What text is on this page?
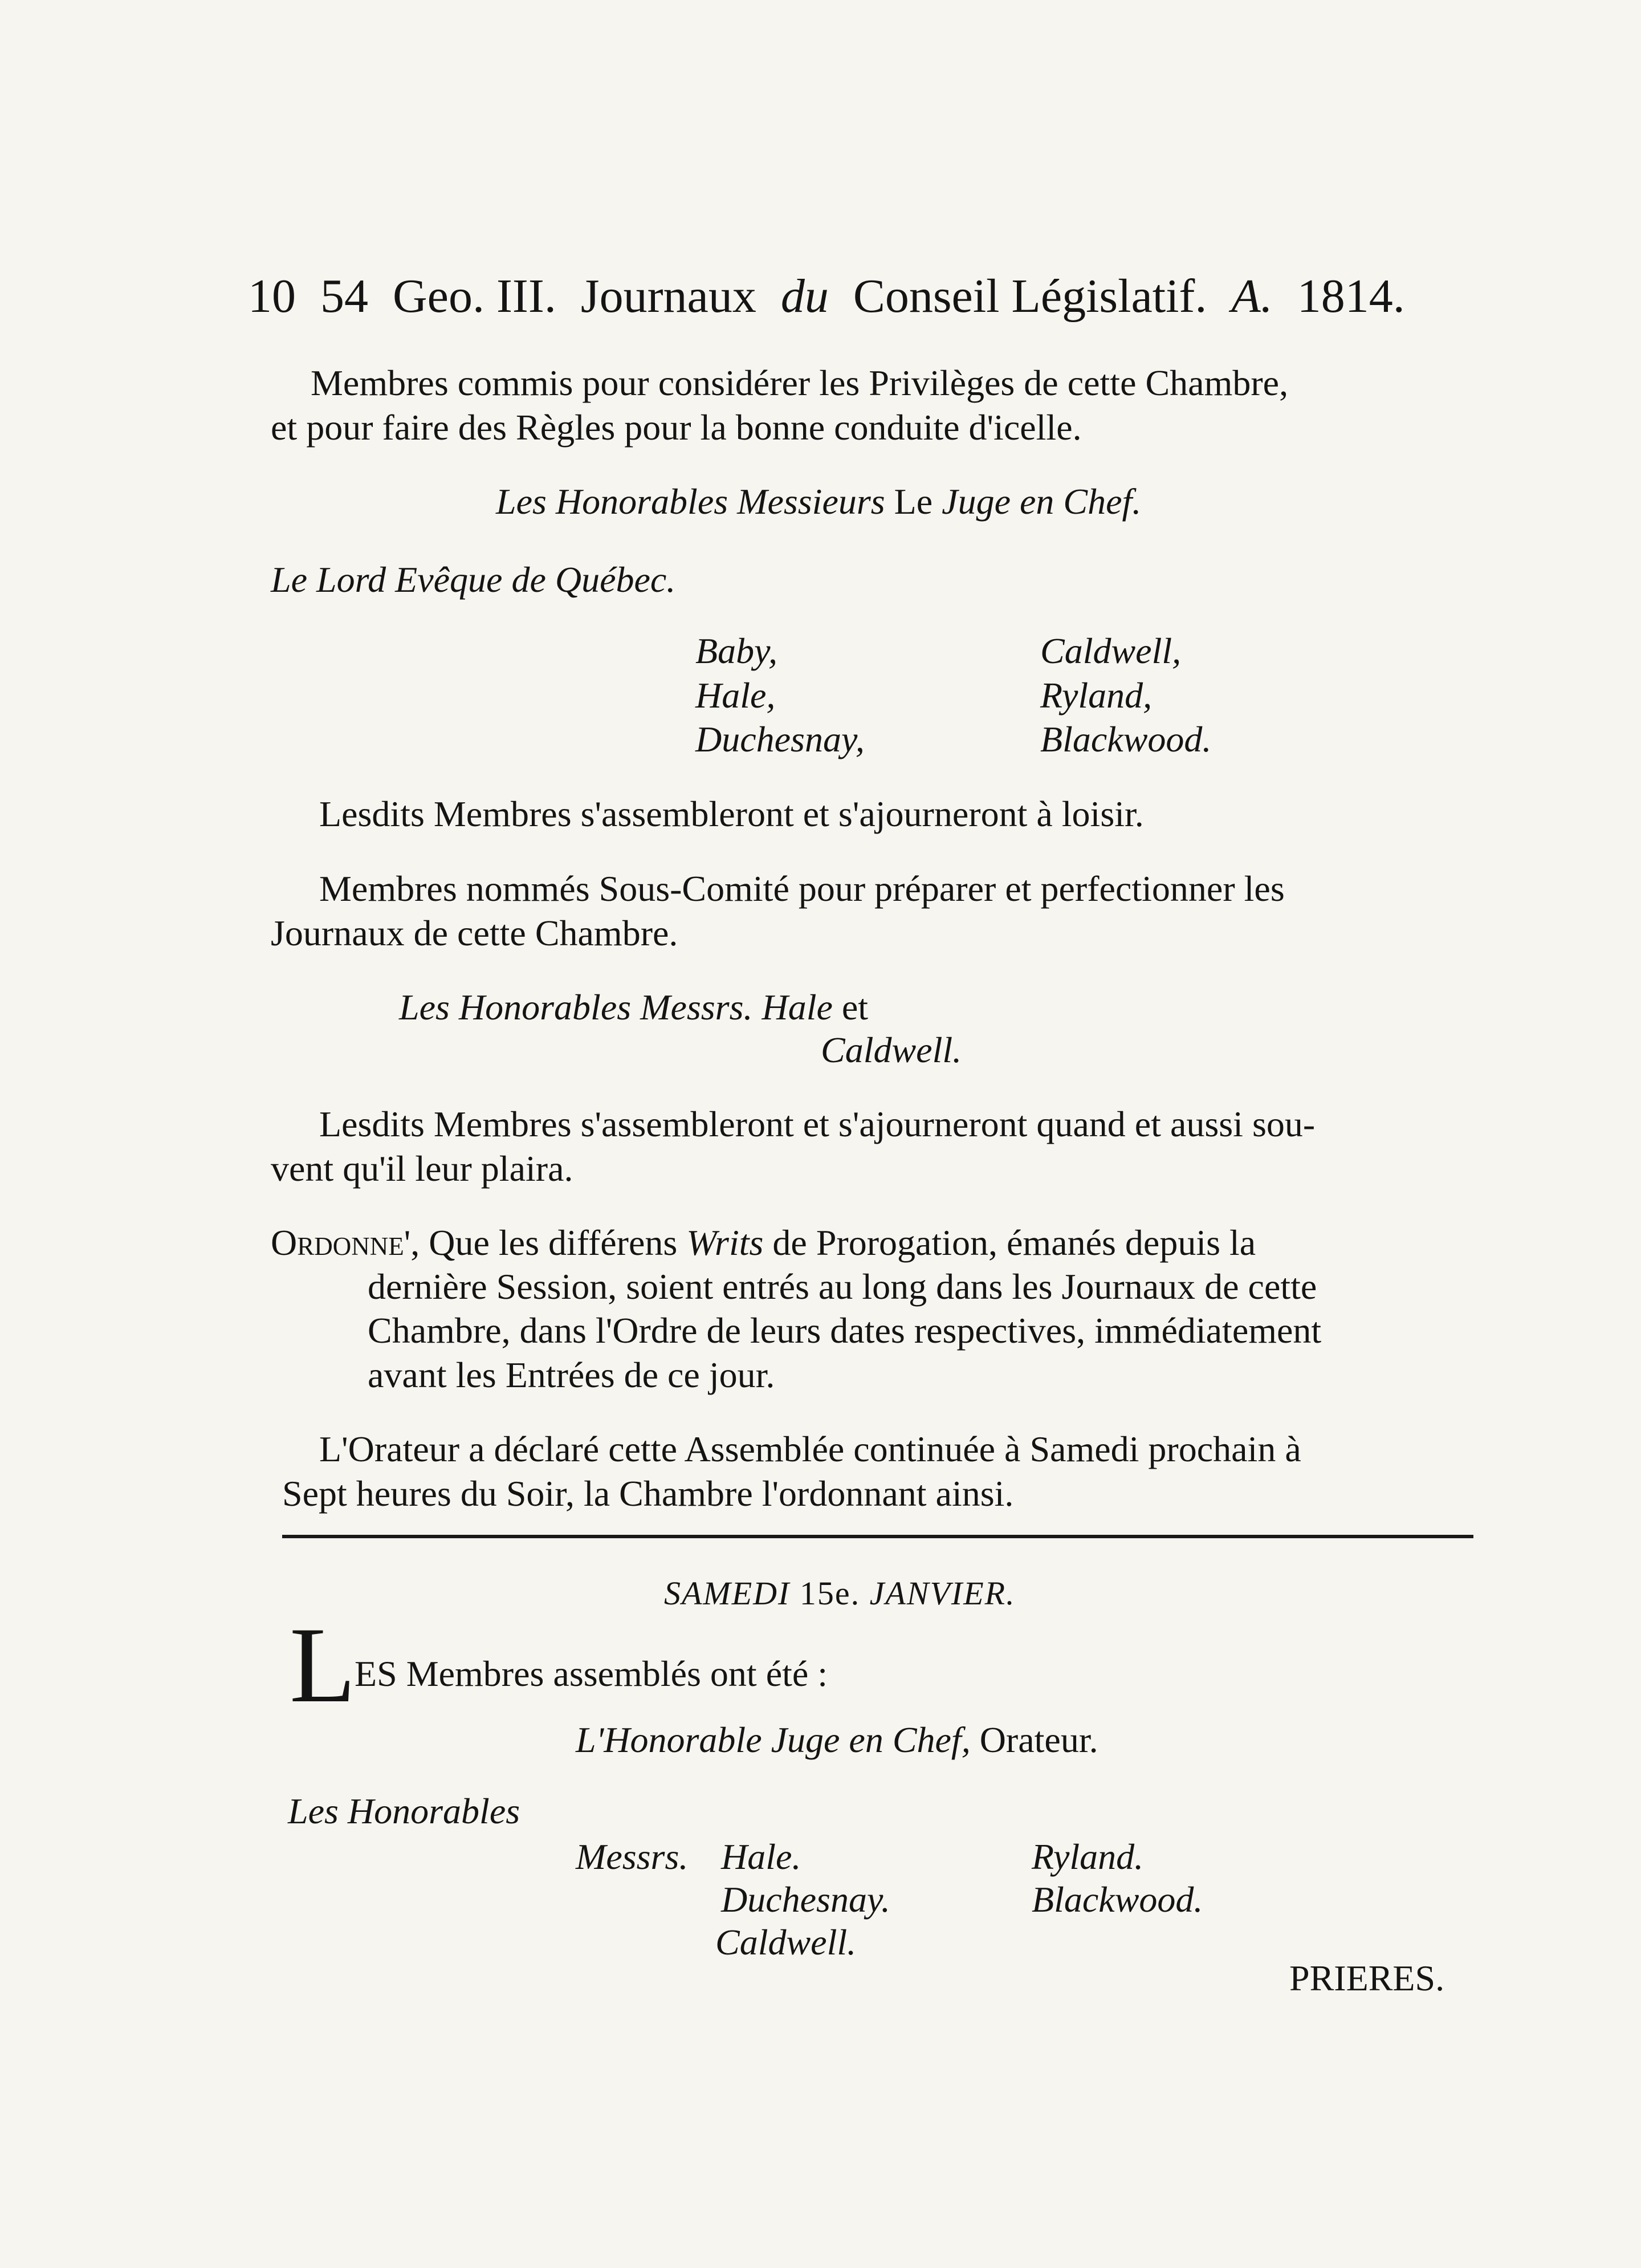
10 54 Geo. III. Journaux du Conseil Législatif. A. 1814.
Membres commis pour considérer les Privilèges de cette Chambre,
et pour faire des Règles pour la bonne conduite d'icelle.
Les Honorables Messieurs Le Juge en Chef.
Le Lord Evêque de Québec.
Baby,
Hale,
Duchesnay,
Caldwell,
Ryland,
Blackwood.
Lesdits Membres s'assembleront et s'ajourneront à loisir.
Membres nommés Sous-Comité pour préparer et perfectionner les
Journaux de cette Chambre.
Les Honorables Messrs. Hale et
Caldwell.
Lesdits Membres s'assembleront et s'ajourneront quand et aussi sou-
vent qu'il leur plaira.
Ordonne', Que les différens Writs de Prorogation, émanés depuis la
dernière Session, soient entrés au long dans les Journaux de cette
Chambre, dans l'Ordre de leurs dates respectives, immédiatement
avant les Entrées de ce jour.
L'Orateur a déclaré cette Assemblée continuée à Samedi prochain à
Sept heures du Soir, la Chambre l'ordonnant ainsi.
SAMEDI 15e. JANVIER.
L
ES Membres assemblés ont été :
L'Honorable Juge en Chef, Orateur.
Les Honorables
Messrs. Hale.
Duchesnay.
Caldwell.
Ryland.
Blackwood.
PRIERES.
